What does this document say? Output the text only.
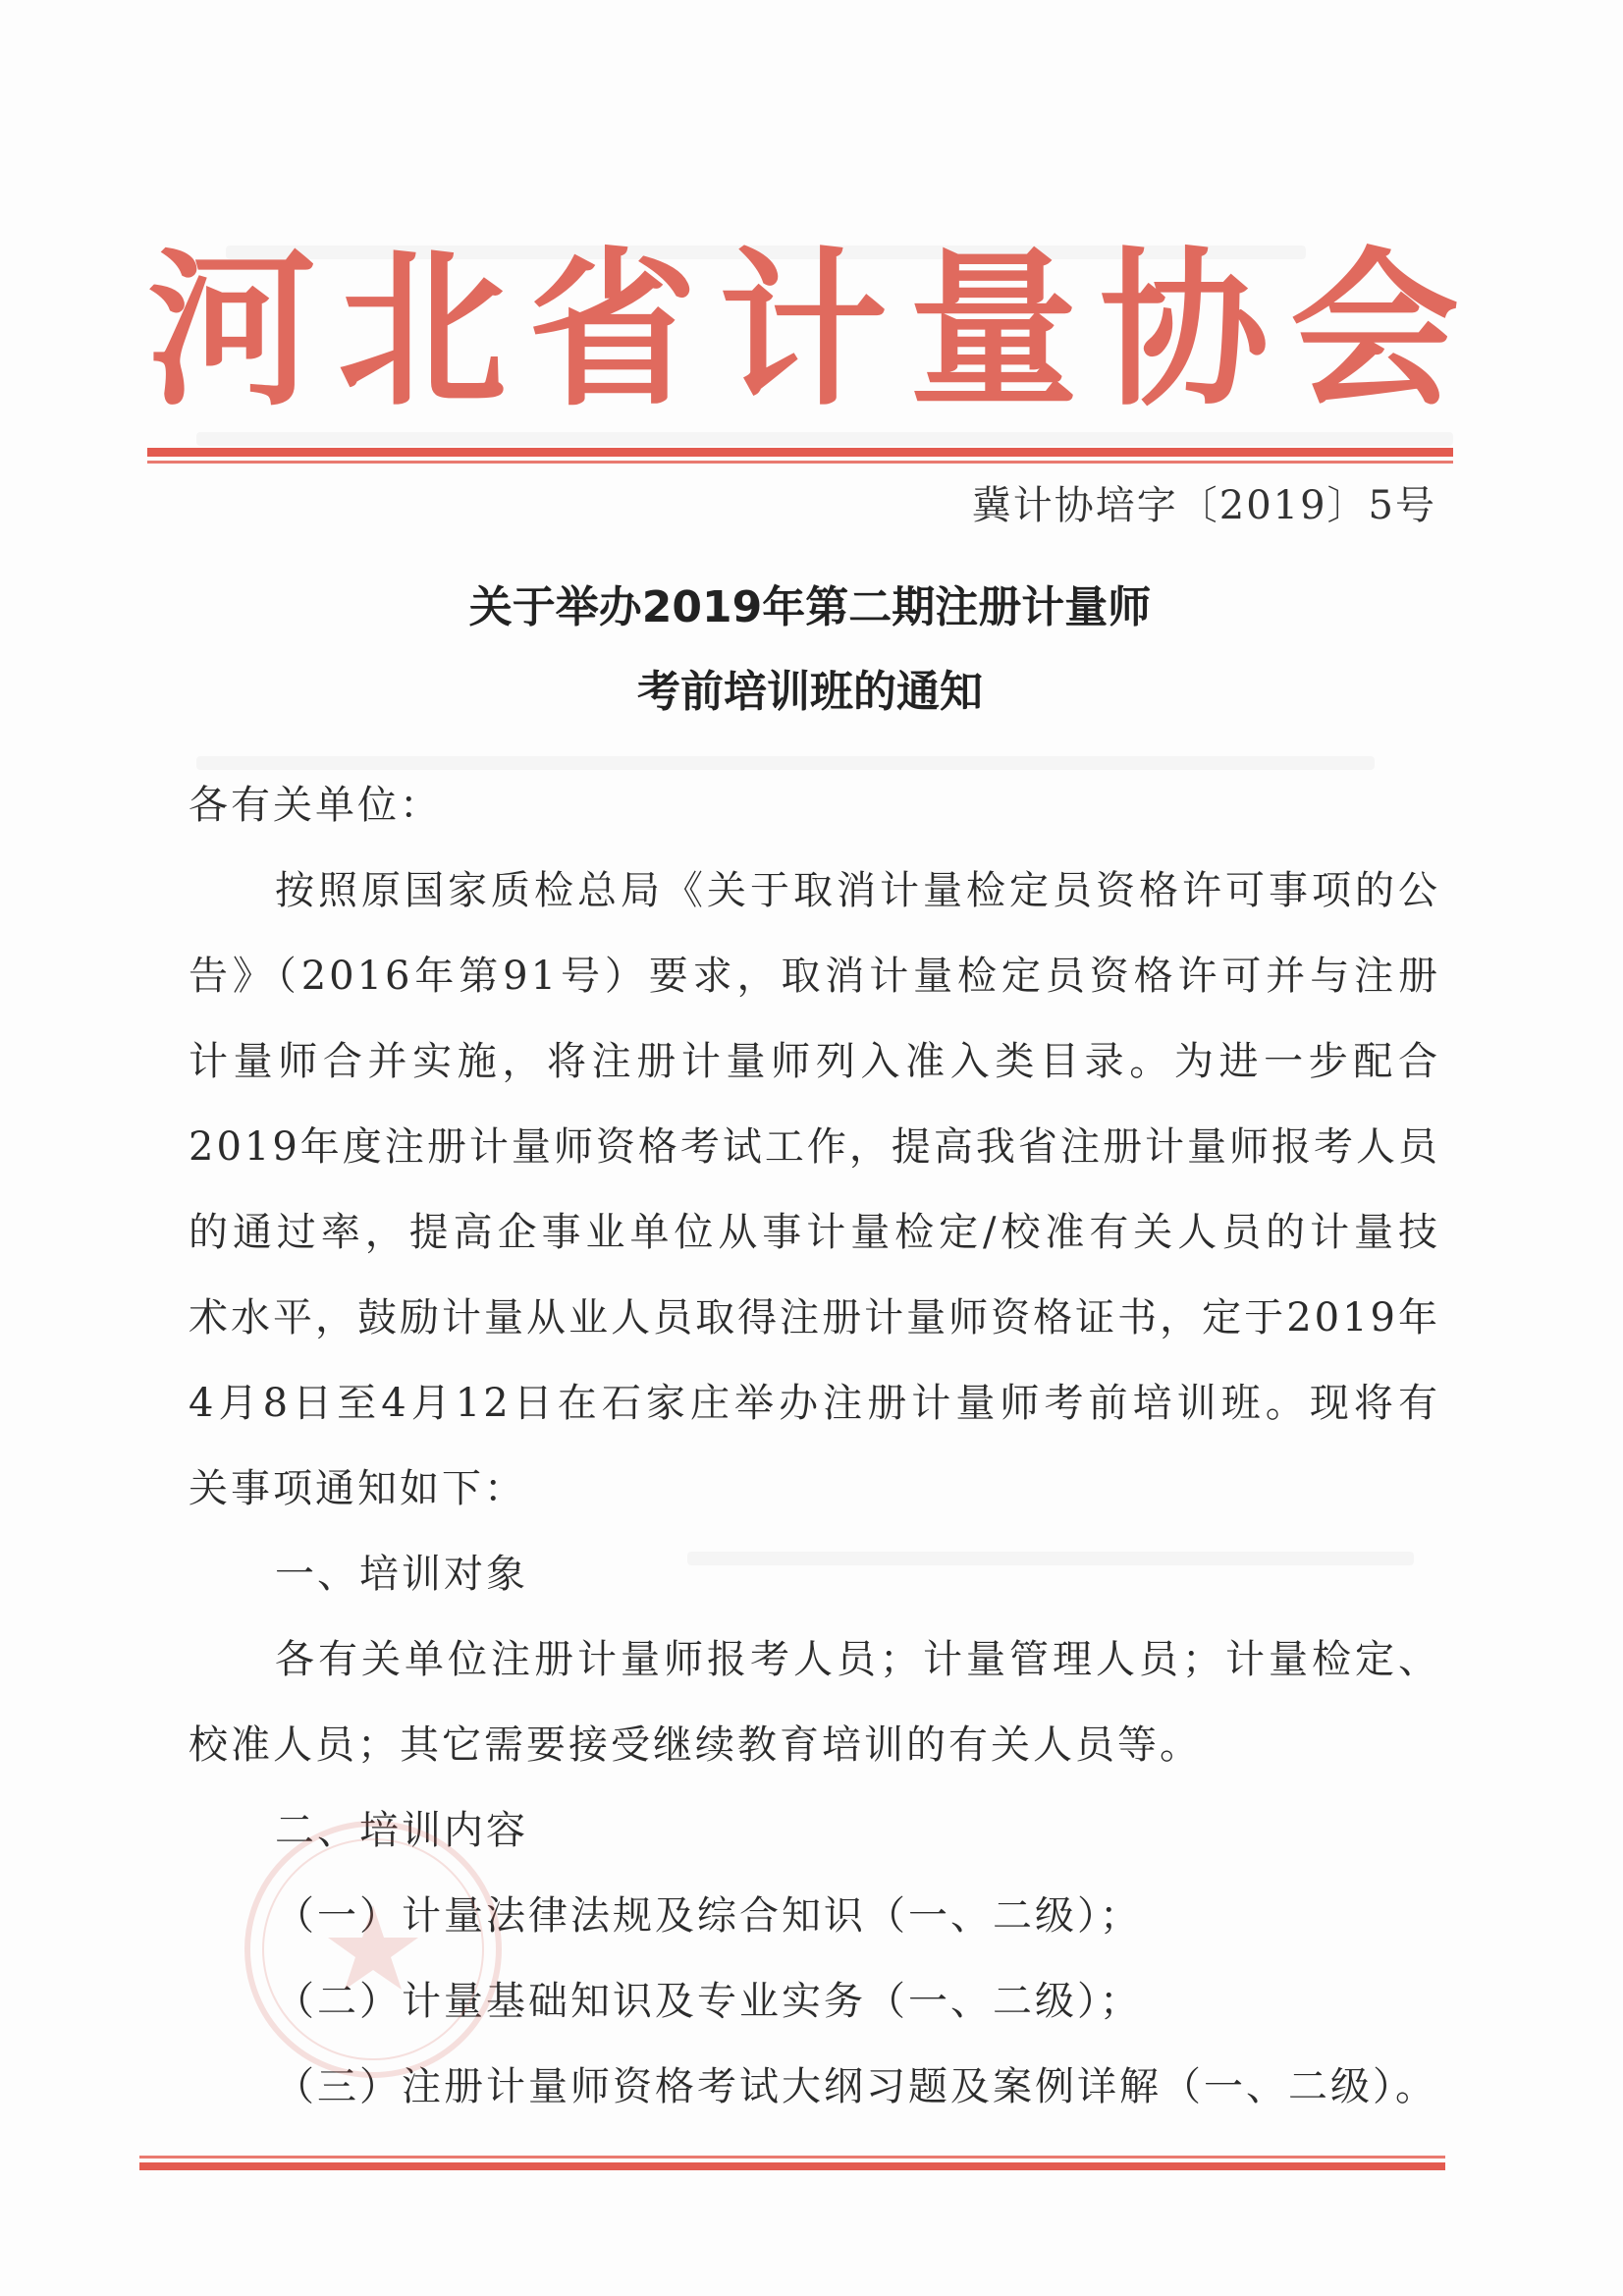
河北省计量协会
冀计协培字〔2019〕5号
关于举办2019年第二期注册计量师
考前培训班的通知
各有关单位：
按照原国家质检总局《关于取消计量检定员资格许可事项的公
告》（2016年第91号）要求，取消计量检定员资格许可并与注册
计量师合并实施，将注册计量师列入准入类目录。为进一步配合
2019年度注册计量师资格考试工作，提高我省注册计量师报考人员
的通过率，提高企事业单位从事计量检定/校准有关人员的计量技
术水平，鼓励计量从业人员取得注册计量师资格证书，定于2019年
4月8日至4月12日在石家庄举办注册计量师考前培训班。现将有
关事项通知如下：
一、培训对象
各有关单位注册计量师报考人员；计量管理人员；计量检定、
校准人员；其它需要接受继续教育培训的有关人员等。
二、培训内容
（一）计量法律法规及综合知识（一、二级）；
（二）计量基础知识及专业实务（一、二级）；
（三）注册计量师资格考试大纲习题及案例详解（一、二级）。
